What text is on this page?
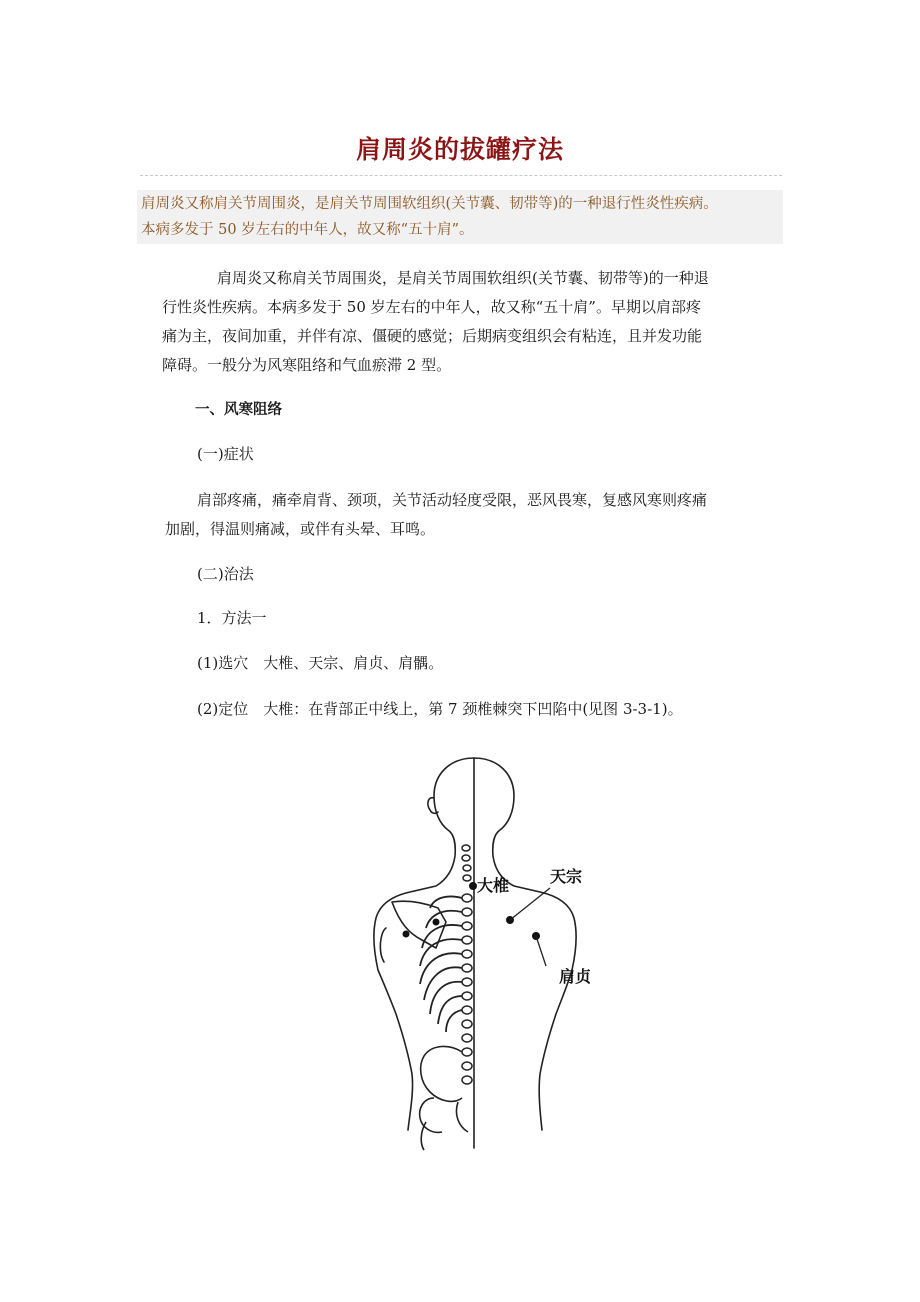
肩周炎的拔罐疗法
肩周炎又称肩关节周围炎，是肩关节周围软组织(关节囊、韧带等)的一种退行性炎性疾病。
本病多发于 50 岁左右的中年人，故又称“五十肩”。
肩周炎又称肩关节周围炎，是肩关节周围软组织(关节囊、韧带等)的一种退
行性炎性疾病。本病多发于 50 岁左右的中年人，故又称“五十肩”。早期以肩部疼
痛为主，夜间加重，并伴有凉、僵硬的感觉；后期病变组织会有粘连，且并发功能
障碍。一般分为风寒阻络和气血瘀滞 2 型。
一、风寒阻络
(一)症状
肩部疼痛，痛牵肩背、颈项，关节活动轻度受限，恶风畏寒，复感风寒则疼痛
加剧，得温则痛减，或伴有头晕、耳鸣。
(二)治法
1．方法一
(1)选穴　大椎、天宗、肩贞、肩髃。
(2)定位　大椎：在背部正中线上，第 7 颈椎棘突下凹陷中(见图 3-3-1)。
大椎	天宗
肩贞
